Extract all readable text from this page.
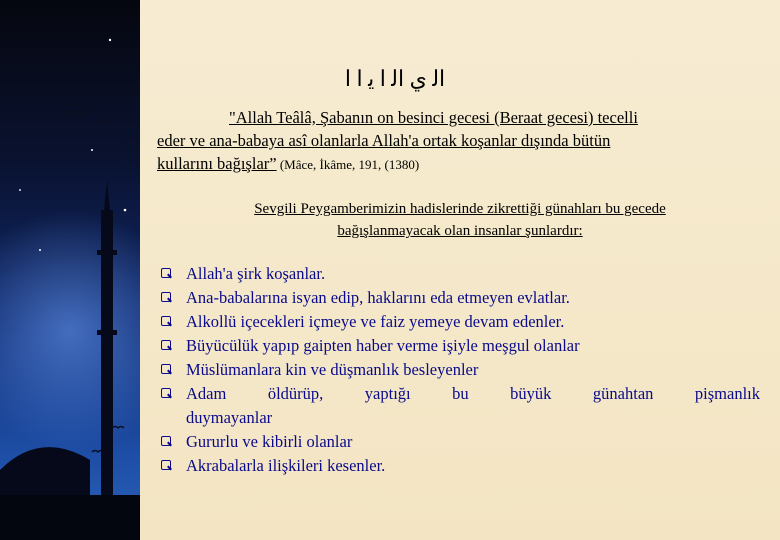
ﺍﻟ ﻱ ﺍﻟ ﺍ ﻳ ﺍ ﺍ
"Allah Teâlâ, Şabanın on besinci gecesi (Beraat gecesi) tecelli
eder ve ana-babaya asî olanlarla Allah'a ortak koşanlar dışında bütün
kullarını bağışlar” (Mâce, İkâme, 191, (1380)
Sevgili Peygamberimizin hadislerinde zikrettiği günahları bu gecede
bağışlanmayacak olan insanlar şunlardır:
Allah'a şirk koşanlar.
Ana-babalarına isyan edip, haklarını eda etmeyen evlatlar.
Alkollü içecekleri içmeye ve faiz yemeye devam edenler.
Büyücülük yapıp gaipten haber verme işiyle meşgul olanlar
Müslümanlara kin ve düşmanlık besleyenler
Adam öldürüp, yaptığı bu büyük günahtan pişmanlık
duymayanlar
Gururlu ve kibirli olanlar
Akrabalarla ilişkileri kesenler.
